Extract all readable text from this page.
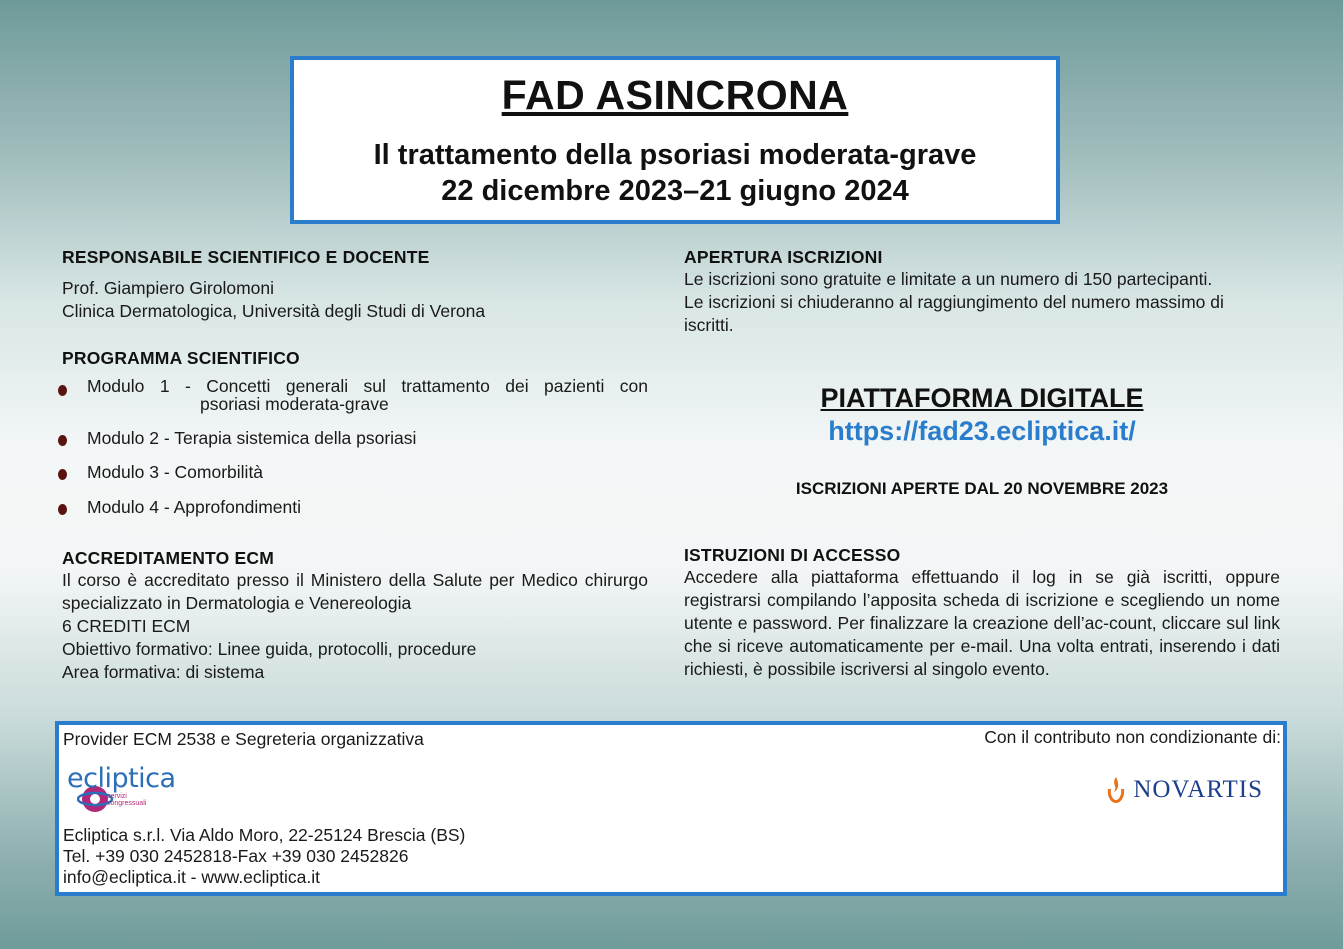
FAD ASINCRONA
Il trattamento della psoriasi moderata-grave
22 dicembre 2023–21 giugno 2024
RESPONSABILE SCIENTIFICO E DOCENTE
Prof. Giampiero Girolomoni
Clinica Dermatologica, Università degli Studi di Verona
PROGRAMMA SCIENTIFICO
Modulo 1 - Concetti generali sul trattamento dei pazienti con
psoriasi moderata-grave
Modulo 2 - Terapia sistemica della psoriasi
Modulo 3 - Comorbilità
Modulo 4 - Approfondimenti
ACCREDITAMENTO ECM
Il corso è accreditato presso il Ministero della Salute per Medico chirurgo specializzato in Dermatologia e Venereologia
6 CREDITI ECM
Obiettivo formativo: Linee guida, protocolli, procedure
Area formativa: di sistema
APERTURA ISCRIZIONI
Le iscrizioni sono gratuite e limitate a un numero di 150 partecipanti. Le iscrizioni si chiuderanno al raggiungimento del numero massimo di iscritti.
PIATTAFORMA DIGITALE
https://fad23.ecliptica.it/
ISCRIZIONI APERTE DAL 20 NOVEMBRE 2023
ISTRUZIONI DI ACCESSO
Accedere alla piattaforma effettuando il log in se già iscritti, oppure registrarsi compilando l’apposita scheda di iscrizione e scegliendo un nome utente e password. Per finalizzare la creazione dell’ac-count, cliccare sul link che si riceve automaticamente per e-mail. Una volta entrati, inserendo i dati richiesti, è possibile iscriversi al singolo evento.
Provider ECM 2538 e Segreteria organizzativa	Con il contributo non condizionante di:
ecliptica
servizi
congressuali
NOVARTIS
Ecliptica s.r.l. Via Aldo Moro, 22-25124 Brescia (BS)
Tel. +39 030 2452818-Fax +39 030 2452826
info@ecliptica.it - www.ecliptica.it
